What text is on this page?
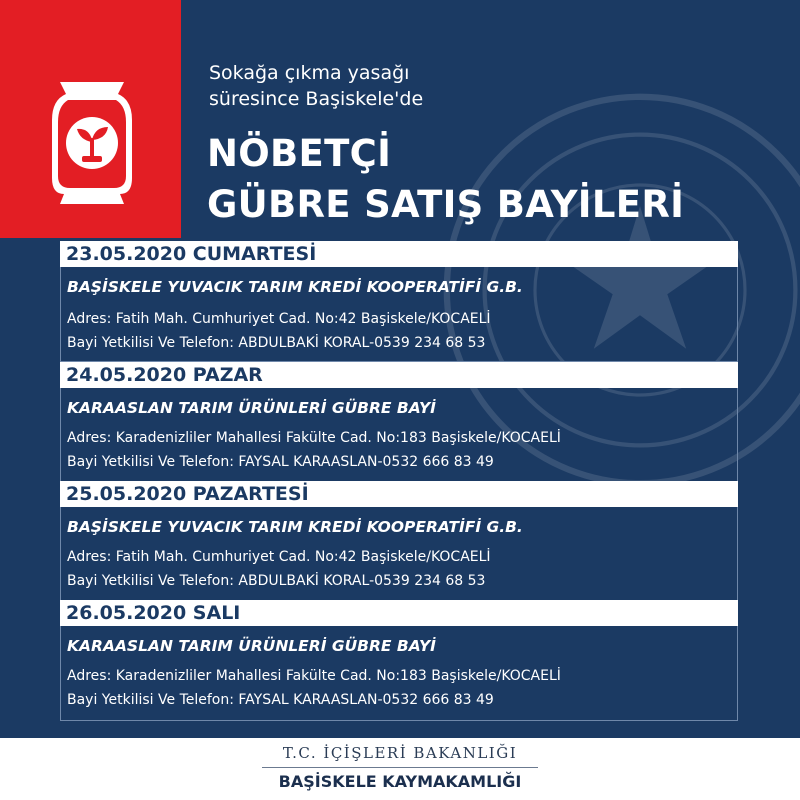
Sokağa çıkma yasağı
süresince Başiskele'de
NÖBETÇİ
GÜBRE SATIŞ BAYİLERİ
23.05.2020 CUMARTESİ
BAŞİSKELE YUVACIK TARIM KREDİ KOOPERATİFİ G.B.
Adres: Fatih Mah. Cumhuriyet Cad. No:42 Başiskele/KOCAELİ
Bayi Yetkilisi Ve Telefon: ABDULBAKİ KORAL-0539 234 68 53
24.05.2020 PAZAR
KARAASLAN TARIM ÜRÜNLERİ GÜBRE BAYİ
Adres: Karadenizliler Mahallesi Fakülte Cad. No:183 Başiskele/KOCAELİ
Bayi Yetkilisi Ve Telefon: FAYSAL KARAASLAN-0532 666 83 49
25.05.2020 PAZARTESİ
BAŞİSKELE YUVACIK TARIM KREDİ KOOPERATİFİ G.B.
Adres: Fatih Mah. Cumhuriyet Cad. No:42 Başiskele/KOCAELİ
Bayi Yetkilisi Ve Telefon: ABDULBAKİ KORAL-0539 234 68 53
26.05.2020 SALI
KARAASLAN TARIM ÜRÜNLERİ GÜBRE BAYİ
Adres: Karadenizliler Mahallesi Fakülte Cad. No:183 Başiskele/KOCAELİ
Bayi Yetkilisi Ve Telefon: FAYSAL KARAASLAN-0532 666 83 49
T.C. İÇİŞLERİ BAKANLIĞI
BAŞİSKELE KAYMAKAMLIĞI
